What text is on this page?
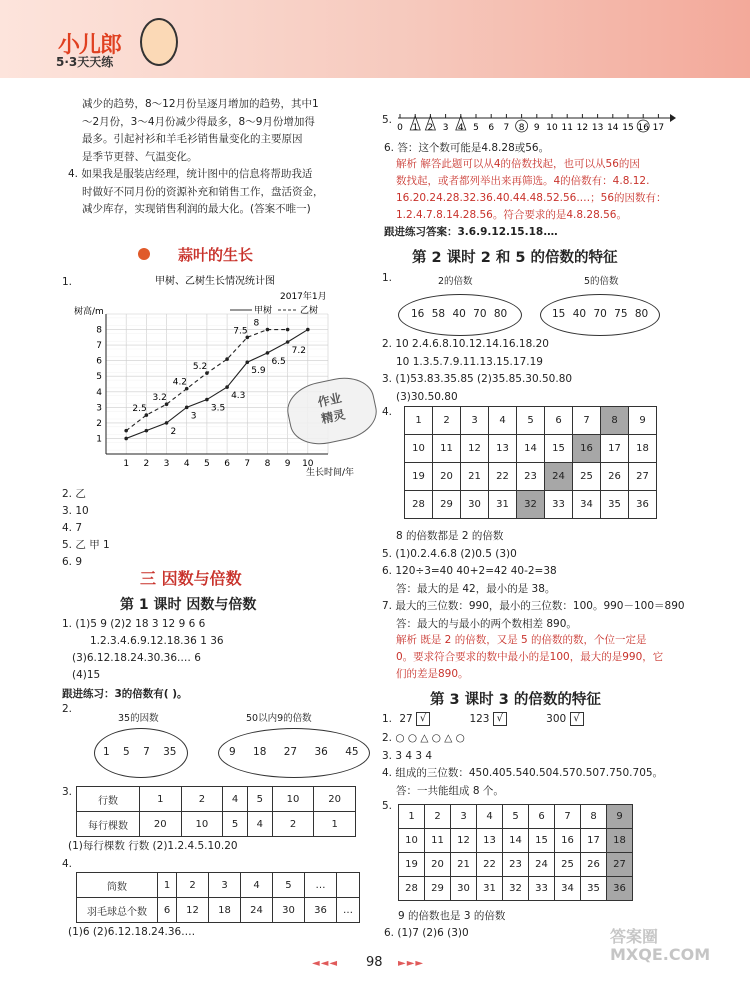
小儿郎
5·3天天练
减少的趋势，8～12月份呈逐月增加的趋势，其中1
～2月份，3～4月份减少得最多，8～9月份增加得
最多。引起衬衫和羊毛衫销售量变化的主要原因
是季节更替、气温变化。
4. 如果我是服装店经理，统计图中的信息将帮助我适
时做好不同月份的资源补充和销售工作，盘活资金，
减少库存，实现销售利润的最大化。(答案不唯一)
蒜叶的生长
1.	甲树、乙树生长情况统计图
2017年1月
树高/m
生长时间/年
甲树	乙树
1 2 3 4 5 6 7 8 9 10
1
2
3
4
5
6
7
8
2
3
3.5
4.3
5.9
6.5
7.2
2.5
3.2
4.2
5.2
7.5
8
作业
精灵
2. 乙
3. 10
4. 7
5. 乙 甲 1
6. 9
三 因数与倍数
第 1 课时 因数与倍数
1. (1)5 9 (2)2 18 3 12 9 6 6
1.2.3.4.6.9.12.18.36 1 36
(3)6.12.18.24.30.36.… 6
(4)15
跟进练习：3的倍数有( )。
2.
35的因数	50以内9的倍数
1 5 7 35	9 18 27 36 45
3.
行数	1	2	4	5	10	20
每行棵数	20	10	5	4	2	1
(1)每行棵数 行数 (2)1.2.4.5.10.20
4.
筒数	1	2	3	4	5	…	
羽毛球总个数	6	12	18	24	30	36	…
(1)6 (2)6.12.18.24.36.…
5.
0 1 2 3 4 5 6 7 8 9 10 11 12 13 14 15 16 17
6. 答：这个数可能是4.8.28或56。
解析 解答此题可以从4的倍数找起，也可以从56的因
数找起，或者都列举出来再筛选。4的倍数有：4.8.12.
16.20.24.28.32.36.40.44.48.52.56.…；56的因数有：
1.2.4.7.8.14.28.56。符合要求的是4.8.28.56。
跟进练习答案：3.6.9.12.15.18.…
第 2 课时 2 和 5 的倍数的特征
1.	2的倍数	5的倍数
16 58 40 70 80	15 40 70 75 80
2. 10 2.4.6.8.10.12.14.16.18.20
10 1.3.5.7.9.11.13.15.17.19
3. (1)53.83.35.85 (2)35.85.30.50.80
(3)30.50.80
4.
1	2	3	4	5	6	7	8	9
10	11	12	13	14	15	16	17	18
19	20	21	22	23	24	25	26	27
28	29	30	31	32	33	34	35	36
8 的倍数都是 2 的倍数
5. (1)0.2.4.6.8 (2)0.5 (3)0
6. 120÷3=40 40+2=42 40-2=38
答：最大的是 42，最小的是 38。
7. 最大的三位数：990，最小的三位数：100。990－100＝890
答：最大的与最小的两个数相差 890。
解析 既是 2 的倍数，又是 5 的倍数的数，个位一定是
0。要求符合要求的数中最小的是100，最大的是990，它们的差是890。
第 3 课时 3 的倍数的特征
1. 27 √	123 √	300 √
2. ○ ○ △ ○ △ ○
3. 3 4 3 4
4. 组成的三位数：450.405.540.504.570.507.750.705。
答：一共能组成 8 个。
5.
1	2	3	4	5	6	7	8	9
10	11	12	13	14	15	16	17	18
19	20	21	22	23	24	25	26	27
28	29	30	31	32	33	34	35	36
9 的倍数也是 3 的倍数
6. (1)7 (2)6 (3)0
◄◄◄ 98 ►►►
答案圈 MXQE.COM
